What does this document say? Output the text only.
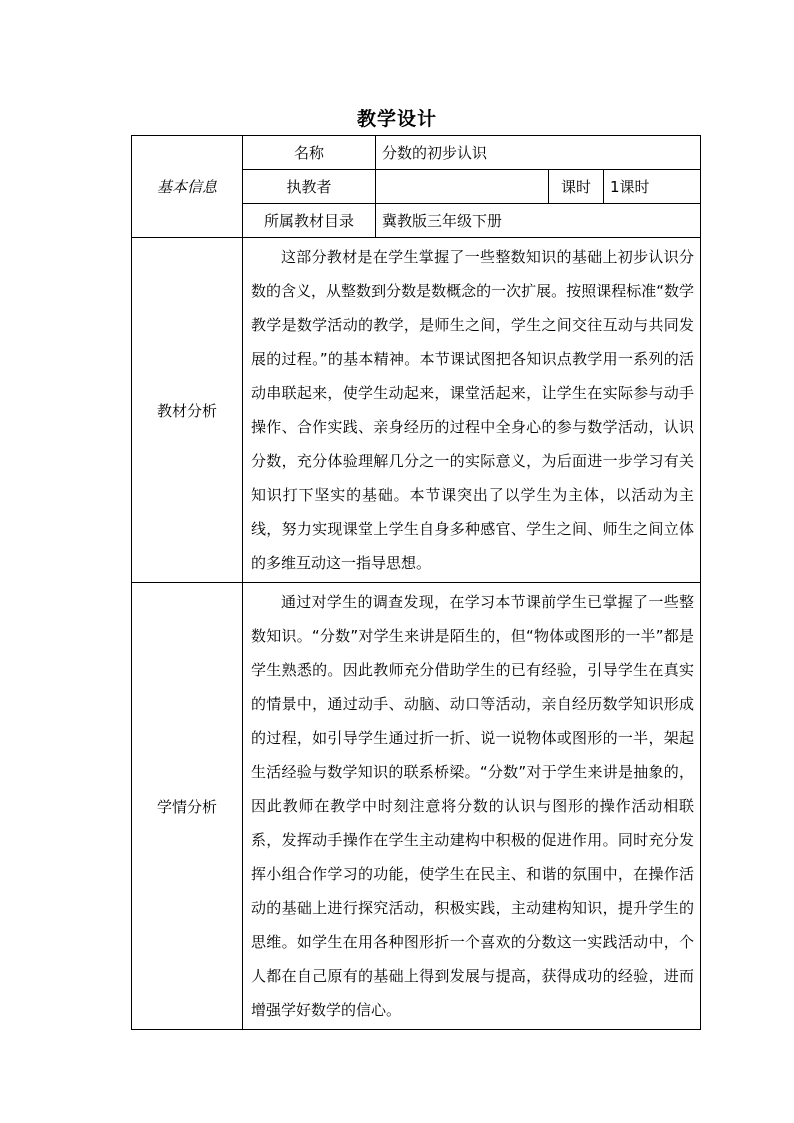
教学设计
基本信息	名称	分数的初步认识		
	执教者		课时	1课时
	所属教材目录	冀教版三年级下册		
教材分析	这部分教材是在学生掌握了一些整数知识的基础上初步认识分数的含义，从整数到分数是数概念的一次扩展。按照课程标准“数学教学是数学活动的教学，是师生之间，学生之间交往互动与共同发展的过程。”的基本精神。本节课试图把各知识点教学用一系列的活动串联起来，使学生动起来，课堂活起来，让学生在实际参与动手操作、合作实践、亲身经历的过程中全身心的参与数学活动，认识分数，充分体验理解几分之一的实际意义，为后面进一步学习有关知识打下坚实的基础。本节课突出了以学生为主体，以活动为主线，努力实现课堂上学生自身多种感官、学生之间、师生之间立体的多维互动这一指导思想。			
学情分析	通过对学生的调查发现，在学习本节课前学生已掌握了一些整数知识。“分数”对学生来讲是陌生的，但“物体或图形的一半”都是学生熟悉的。因此教师充分借助学生的已有经验，引导学生在真实的情景中，通过动手、动脑、动口等活动，亲自经历数学知识形成的过程，如引导学生通过折一折、说一说物体或图形的一半，架起生活经验与数学知识的联系桥梁。“分数”对于学生来讲是抽象的，因此教师在教学中时刻注意将分数的认识与图形的操作活动相联系，发挥动手操作在学生主动建构中积极的促进作用。同时充分发挥小组合作学习的功能，使学生在民主、和谐的氛围中，在操作活动的基础上进行探究活动，积极实践，主动建构知识，提升学生的思维。如学生在用各种图形折一个喜欢的分数这一实践活动中，个人都在自己原有的基础上得到发展与提高，获得成功的经验，进而增强学好数学的信心。			
